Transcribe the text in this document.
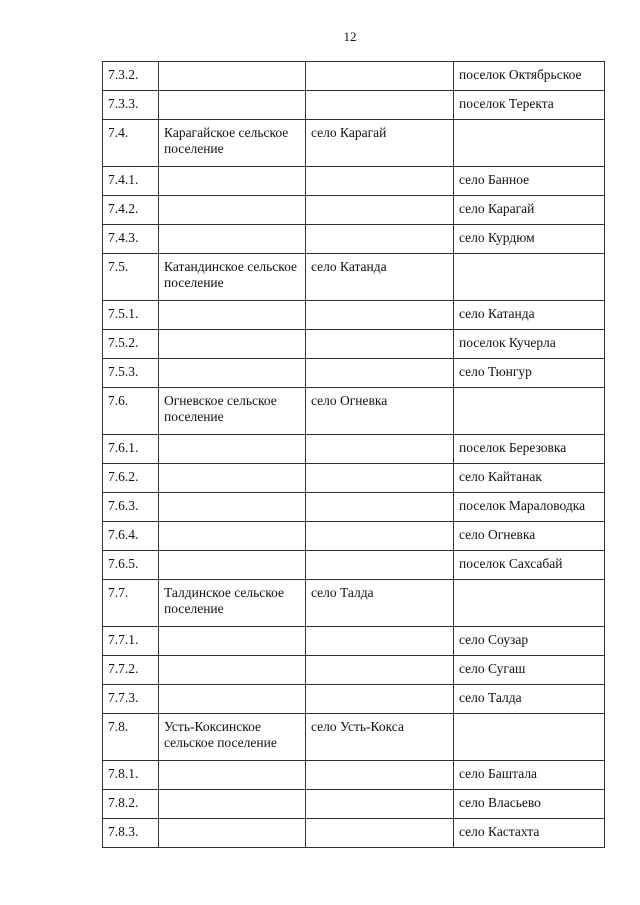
12
7.3.2.			поселок Октябрьское
7.3.3.			поселок Теректа
7.4.	Карагайское сельское поселение	село Карагай	
7.4.1.			село Банное
7.4.2.			село Карагай
7.4.3.			село Курдюм
7.5.	Катандинское сельское поселение	село Катанда	
7.5.1.			село Катанда
7.5.2.			поселок Кучерла
7.5.3.			село Тюнгур
7.6.	Огневское сельское поселение	село Огневка	
7.6.1.			поселок Березовка
7.6.2.			село Кайтанак
7.6.3.			поселок Мараловодка
7.6.4.			село Огневка
7.6.5.			поселок Сахсабай
7.7.	Талдинское сельское поселение	село Талда	
7.7.1.			село Соузар
7.7.2.			село Сугаш
7.7.3.			село Талда
7.8.	Усть-Коксинское сельское поселение	село Усть-Кокса	
7.8.1.			село Баштала
7.8.2.			село Власьево
7.8.3.			село Кастахта
